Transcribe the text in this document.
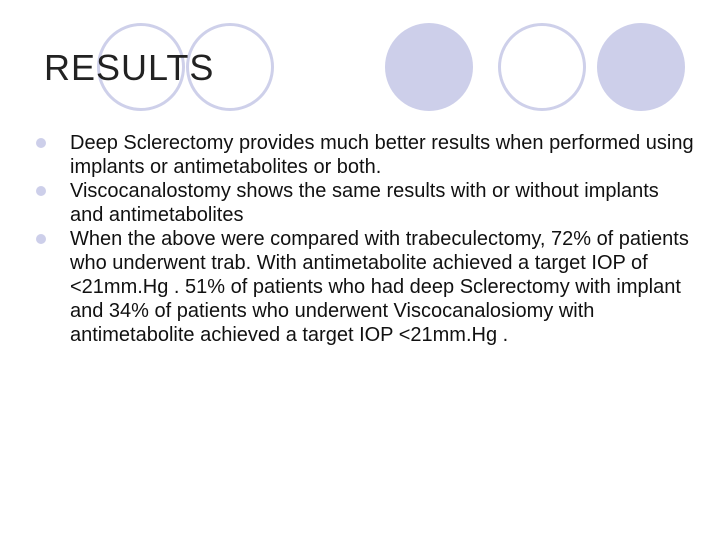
RESULTS
Deep Sclerectomy provides much better results when performed using implants or antimetabolites or both.
Viscocanalostomy shows the same results with or without implants and antimetabolites
When the above were compared with trabeculectomy, 72% of patients who underwent trab. With antimetabolite achieved a target IOP of <21mm.Hg . 51% of patients who had deep Sclerectomy with implant and 34% of patients who underwent Viscocanalosiomy with antimetabolite achieved a target IOP <21mm.Hg .
